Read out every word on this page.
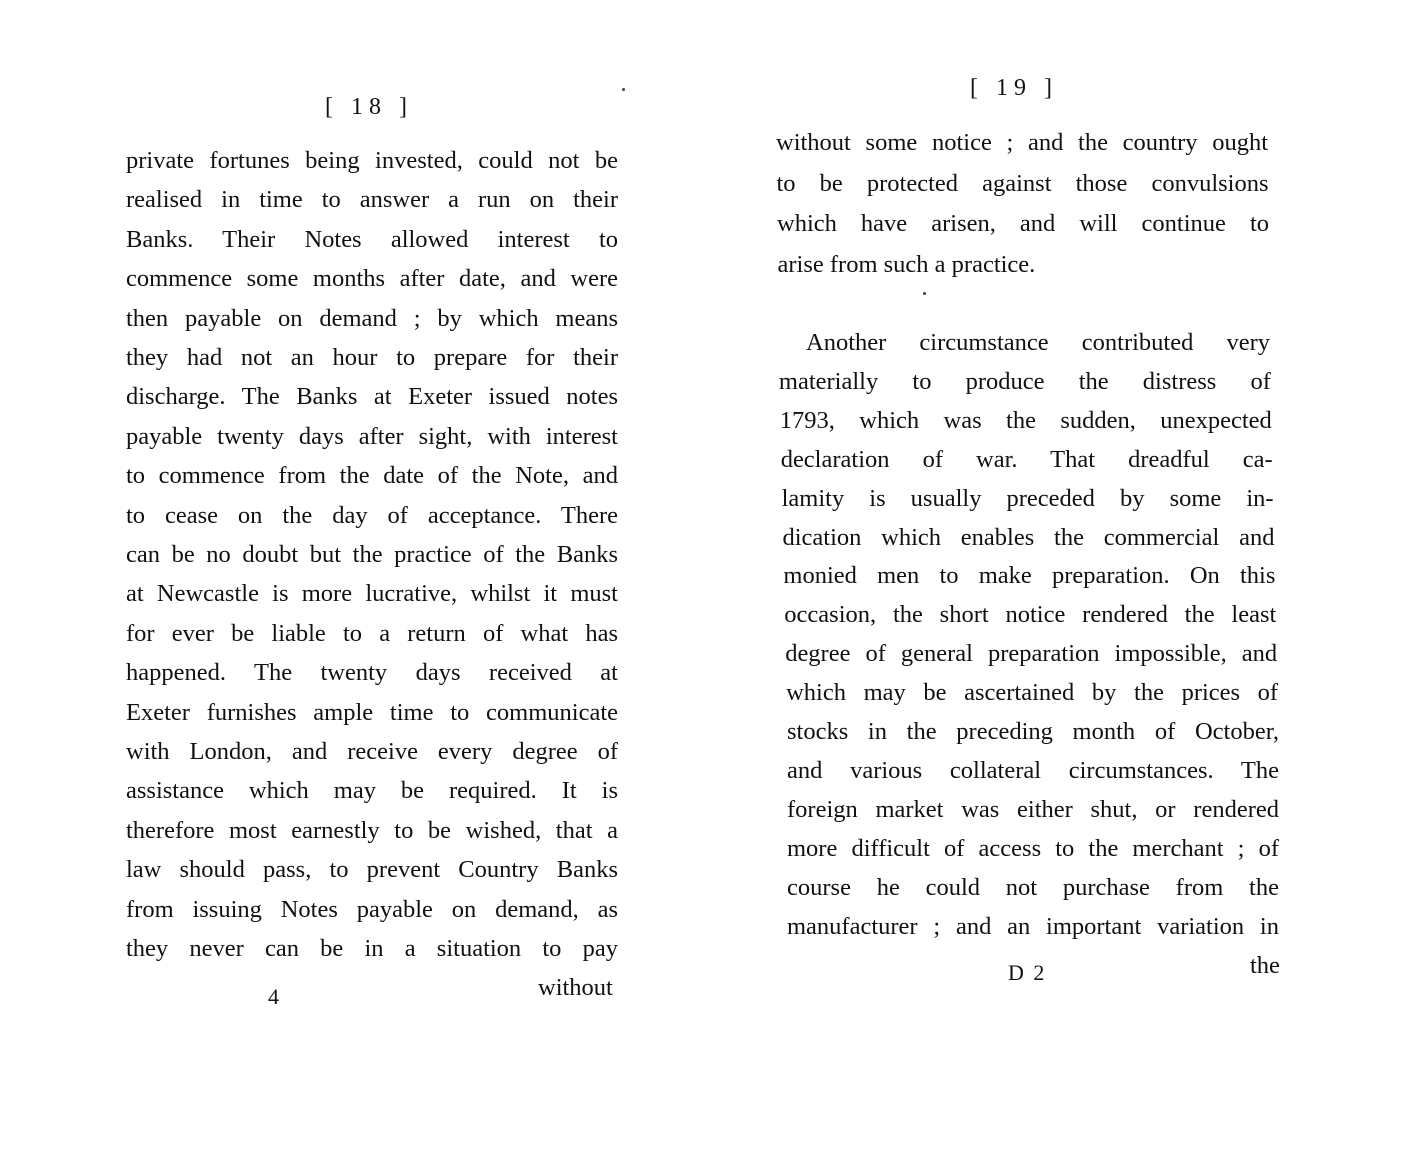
[ 18 ]
private fortunes being invested, could not be
realised in time to answer a run on their
Banks. Their Notes allowed interest to
commence some months after date, and were
then payable on demand ; by which means
they had not an hour to prepare for their
discharge. The Banks at Exeter issued notes
payable twenty days after sight, with interest
to commence from the date of the Note, and
to cease on the day of acceptance. There
can be no doubt but the practice of the Banks
at Newcastle is more lucrative, whilst it must
for ever be liable to a return of what has
happened. The twenty days received at
Exeter furnishes ample time to communicate
with London, and receive every degree of
assistance which may be required. It is
therefore most earnestly to be wished, that a
law should pass, to prevent Country Banks
from issuing Notes payable on demand, as
they never can be in a situation to pay
4	without
[ 19 ]
without some notice ; and the country ought
to be protected against those convulsions
which have arisen, and will continue to
arise from such a practice.
Another circumstance contributed very
materially to produce the distress of
1793, which was the sudden, unexpected
declaration of war. That dreadful ca-
lamity is usually preceded by some in-
dication which enables the commercial and
monied men to make preparation. On this
occasion, the short notice rendered the least
degree of general preparation impossible, and
which may be ascertained by the prices of
stocks in the preceding month of October,
and various collateral circumstances. The
foreign market was either shut, or rendered
more difficult of access to the merchant ; of
course he could not purchase from the
manufacturer ; and an important variation in
D 2	the
